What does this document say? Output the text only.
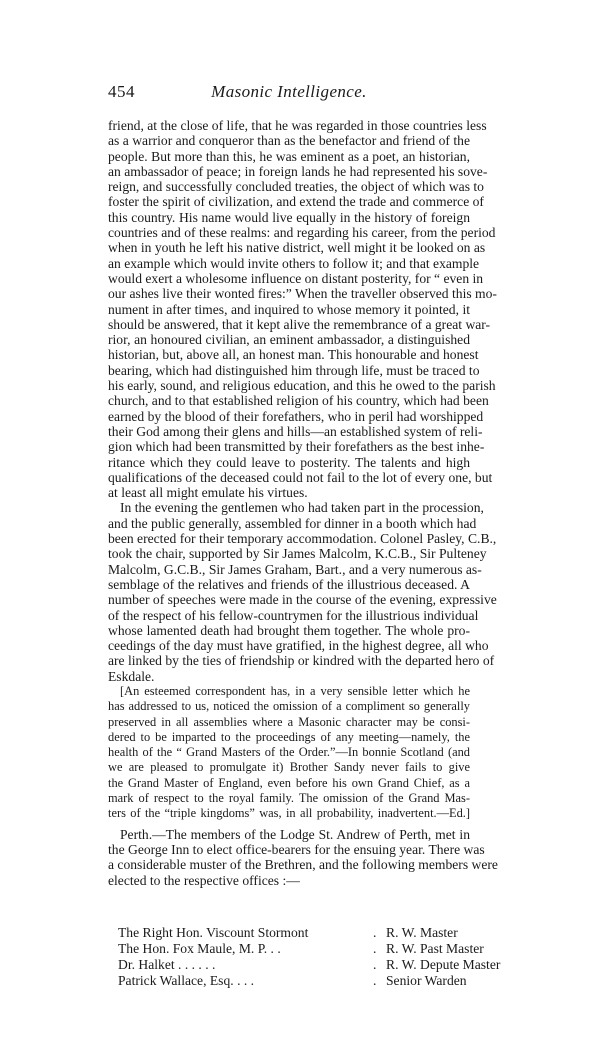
454	Masonic Intelligence.
friend, at the close of life, that he was regarded in those countries less
as a warrior and conqueror than as the benefactor and friend of the
people. But more than this, he was eminent as a poet, an historian,
an ambassador of peace; in foreign lands he had represented his sove-
reign, and successfully concluded treaties, the object of which was to
foster the spirit of civilization, and extend the trade and commerce of
this country. His name would live equally in the history of foreign
countries and of these realms: and regarding his career, from the period
when in youth he left his native district, well might it be looked on as
an example which would invite others to follow it; and that example
would exert a wholesome influence on distant posterity, for “ even in
our ashes live their wonted fires:” When the traveller observed this mo-
nument in after times, and inquired to whose memory it pointed, it
should be answered, that it kept alive the remembrance of a great war-
rior, an honoured civilian, an eminent ambassador, a distinguished
historian, but, above all, an honest man. This honourable and honest
bearing, which had distinguished him through life, must be traced to
his early, sound, and religious education, and this he owed to the parish
church, and to that established religion of his country, which had been
earned by the blood of their forefathers, who in peril had worshipped
their God among their glens and hills—an established system of reli-
gion which had been transmitted by their forefathers as the best inhe-
ritance which they could leave to posterity. The talents and high
qualifications of the deceased could not fail to the lot of every one, but
at least all might emulate his virtues.
In the evening the gentlemen who had taken part in the procession,
and the public generally, assembled for dinner in a booth which had
been erected for their temporary accommodation. Colonel Pasley, C.B.,
took the chair, supported by Sir James Malcolm, K.C.B., Sir Pulteney
Malcolm, G.C.B., Sir James Graham, Bart., and a very numerous as-
semblage of the relatives and friends of the illustrious deceased. A
number of speeches were made in the course of the evening, expressive
of the respect of his fellow-countrymen for the illustrious individual
whose lamented death had brought them together. The whole pro-
ceedings of the day must have gratified, in the highest degree, all who
are linked by the ties of friendship or kindred with the departed hero of
Eskdale.
[An esteemed correspondent has, in a very sensible letter which he
has addressed to us, noticed the omission of a compliment so generally
preserved in all assemblies where a Masonic character may be consi-
dered to be imparted to the proceedings of any meeting—namely, the
health of the “ Grand Masters of the Order.”—In bonnie Scotland (and
we are pleased to promulgate it) Brother Sandy never fails to give
the Grand Master of England, even before his own Grand Chief, as a
mark of respect to the royal family. The omission of the Grand Mas-
ters of the “triple kingdoms” was, in all probability, inadvertent.—Ed.]
Perth.—The members of the Lodge St. Andrew of Perth, met in
the George Inn to elect office-bearers for the ensuing year. There was
a considerable muster of the Brethren, and the following members were
elected to the respective offices :—
The Right Hon. Viscount Stormont	. R. W. Master
The Hon. Fox Maule, M. P. . .	. R. W. Past Master
Dr. Halket . . . . . .	. R. W. Depute Master
Patrick Wallace, Esq. . . .	. Senior Warden
